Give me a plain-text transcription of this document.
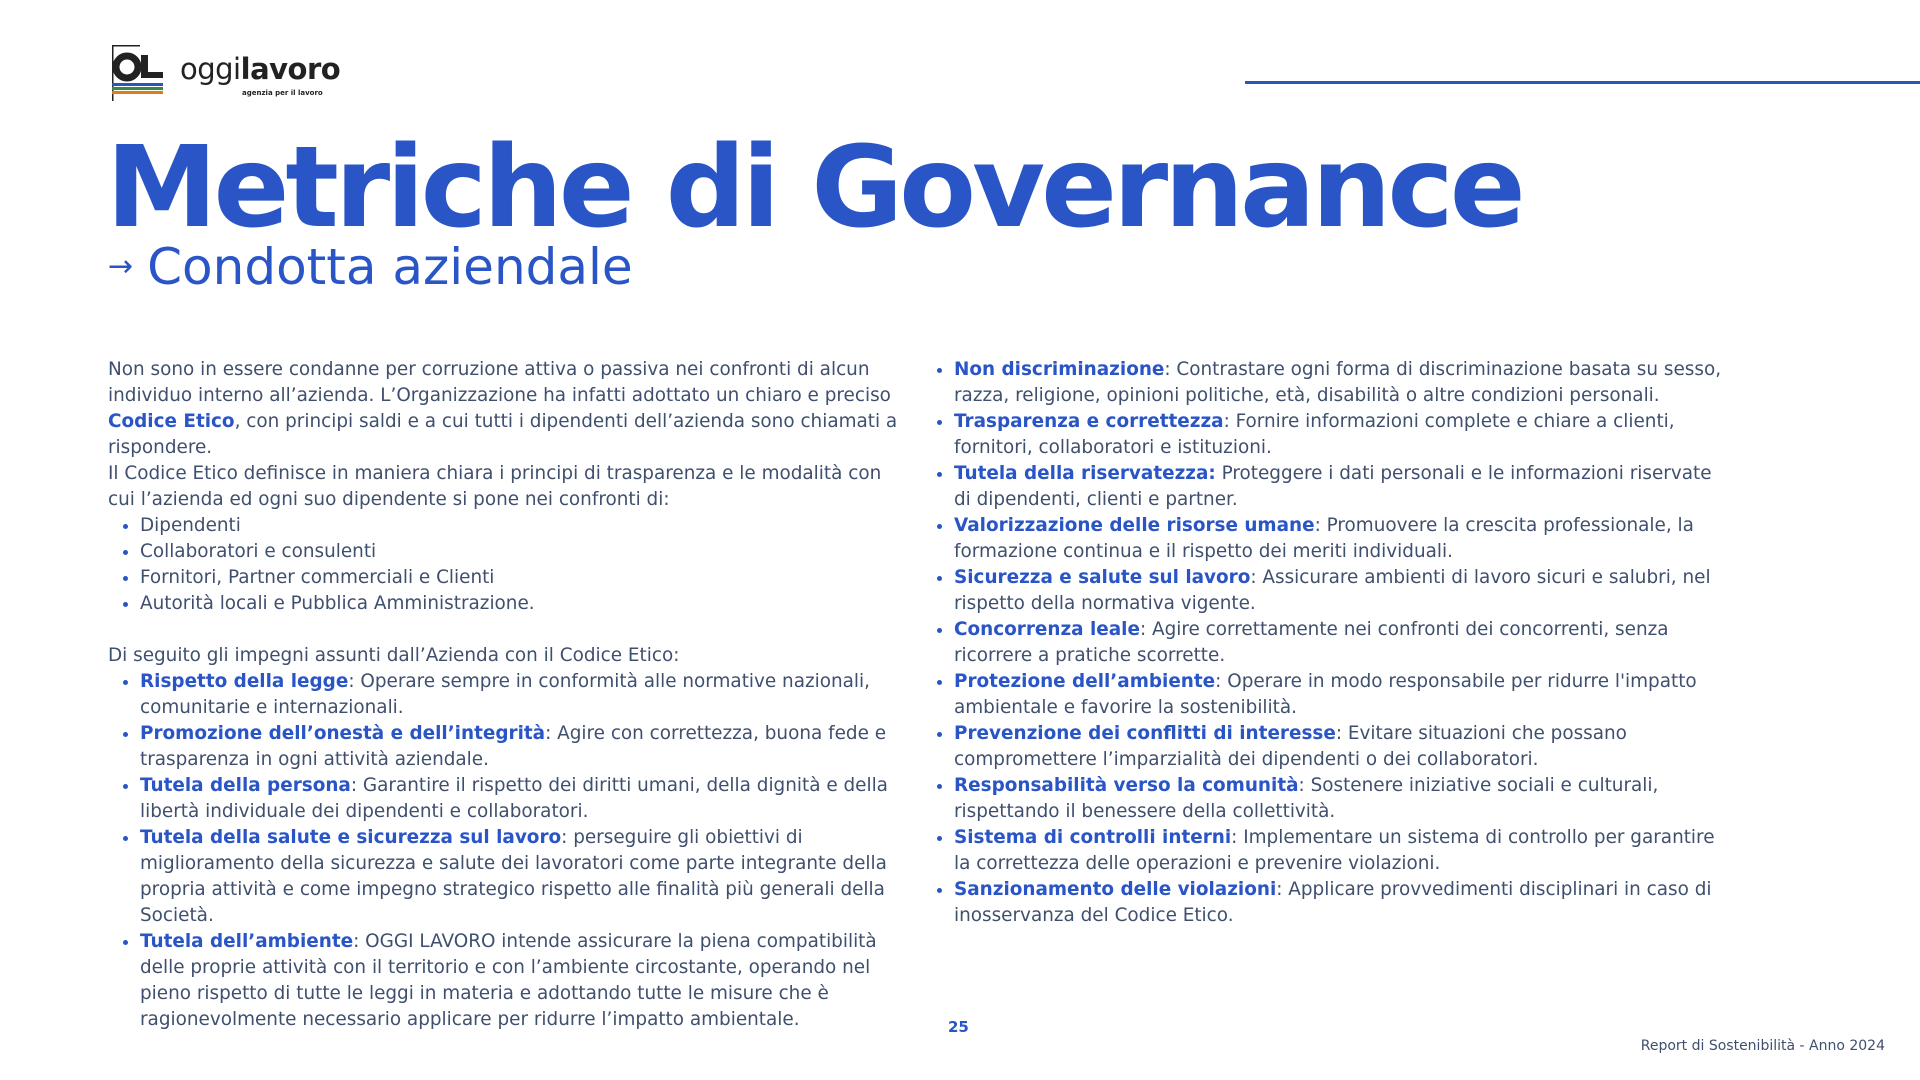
oggilavoro
agenzia per il lavoro
Metriche di Governance
→ Condotta aziendale

Non sono in essere condanne per corruzione attiva o passiva nei confronti di alcun individuo interno all’azienda. L’Organizzazione ha infatti adottato un chiaro e preciso Codice Etico, con principi saldi e a cui tutti i dipendenti dell’azienda sono chiamati a rispondere.

Il Codice Etico definisce in maniera chiara i principi di trasparenza e le modalità con cui l’azienda ed ogni suo dipendente si pone nei confronti di:

• Dipendenti
• Collaboratori e consulenti
• Fornitori, Partner commerciali e Clienti
• Autorità locali e Pubblica Amministrazione.

Di seguito gli impegni assunti dall’Azienda con il Codice Etico:

• Rispetto della legge: Operare sempre in conformità alle normative nazionali, comunitarie e internazionali.
• Promozione dell’onestà e dell’integrità: Agire con correttezza, buona fede e trasparenza in ogni attività aziendale.
• Tutela della persona: Garantire il rispetto dei diritti umani, della dignità e della libertà individuale dei dipendenti e collaboratori.
• Tutela della salute e sicurezza sul lavoro: perseguire gli obiettivi di miglioramento della sicurezza e salute dei lavoratori come parte integrante della propria attività e come impegno strategico rispetto alle finalità più generali della Società.
• Tutela dell’ambiente: OGGI LAVORO intende assicurare la piena compatibilità delle proprie attività con il territorio e con l’ambiente circostante, operando nel pieno rispetto di tutte le leggi in materia e adottando tutte le misure che è ragionevolmente necessario applicare per ridurre l’impatto ambientale.
• Non discriminazione: Contrastare ogni forma di discriminazione basata su sesso, razza, religione, opinioni politiche, età, disabilità o altre condizioni personali.
• Trasparenza e correttezza: Fornire informazioni complete e chiare a clienti, fornitori, collaboratori e istituzioni.
• Tutela della riservatezza: Proteggere i dati personali e le informazioni riservate di dipendenti, clienti e partner.
• Valorizzazione delle risorse umane: Promuovere la crescita professionale, la formazione continua e il rispetto dei meriti individuali.
• Sicurezza e salute sul lavoro: Assicurare ambienti di lavoro sicuri e salubri, nel rispetto della normativa vigente.
• Concorrenza leale: Agire correttamente nei confronti dei concorrenti, senza ricorrere a pratiche scorrette.
• Protezione dell’ambiente: Operare in modo responsabile per ridurre l'impatto ambientale e favorire la sostenibilità.
• Prevenzione dei conflitti di interesse: Evitare situazioni che possano compromettere l’imparzialità dei dipendenti o dei collaboratori.
• Responsabilità verso la comunità: Sostenere iniziative sociali e culturali, rispettando il benessere della collettività.
• Sistema di controlli interni: Implementare un sistema di controllo per garantire la correttezza delle operazioni e prevenire violazioni.
• Sanzionamento delle violazioni: Applicare provvedimenti disciplinari in caso di inosservanza del Codice Etico.
25
Report di Sostenibilità - Anno 2024
